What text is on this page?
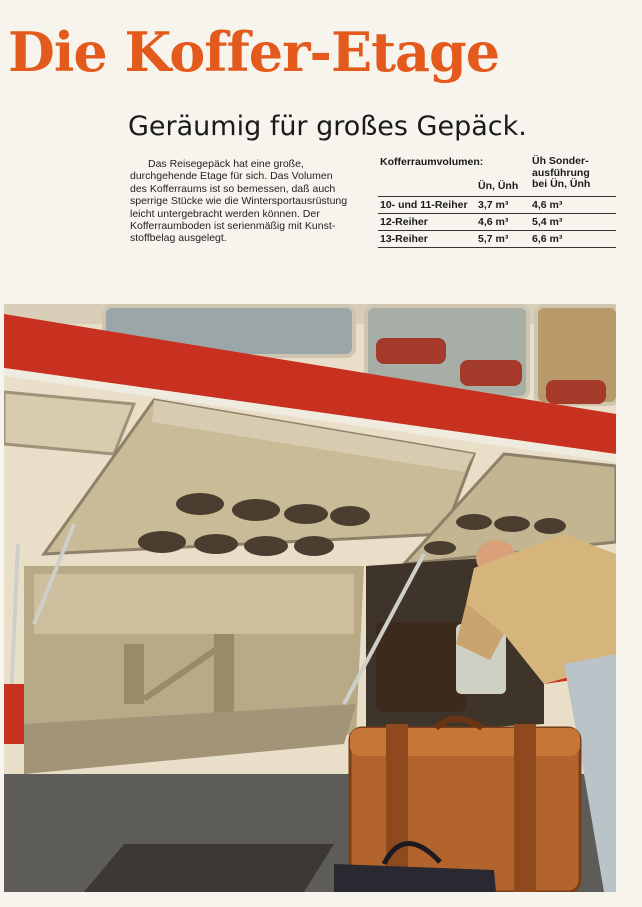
Die Koffer-Etage
Geräumig für großes Gepäck.
Das Reisegepäck hat eine große,
durchgehende Etage für sich. Das Volumen
des Kofferraums ist so bemessen, daß auch
sperrige Stücke wie die Wintersportausrüstung
leicht untergebracht werden können. Der
Kofferraumboden ist serienmäßig mit Kunst-
stoffbelag ausgelegt.
Kofferraumvolumen:
Ün, Ünh
Üh Sonder-
ausführung
bei Ün, Ünh
10- und 11-Reiher 3,7 m³ 4,6 m³
12-Reiher	4,6 m³ 5,4 m³
13-Reiher	5,7 m³ 6,6 m³
